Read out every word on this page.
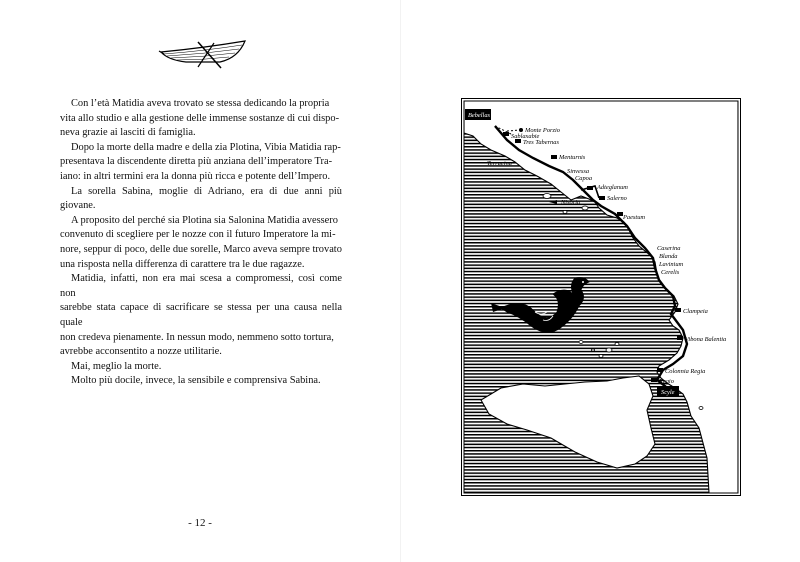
Con l’età Matidia aveva trovato se stessa dedicando la propria
vita allo studio e alla gestione delle immense sostanze di cui dispo-
neva grazie ai lasciti di famiglia.

Dopo la morte della madre e della zia Plotina, Vibia Matidia rap-
presentava la discendente diretta più anziana dell’imperatore Tra-
iano: in altri termini era la donna più ricca e potente dell’Impero.

La sorella Sabina, moglie di Adriano, era di due anni più giovane.

A proposito del perché sia Plotina sia Salonina Matidia avessero
convenuto di scegliere per le nozze con il futuro Imperatore la mi-
nore, seppur di poco, delle due sorelle, Marco aveva sempre trovato
una risposta nella differenza di carattere tra le due ragazze.

Matidia, infatti, non era mai scesa a compromessi, così come non
sarebbe stata capace di sacrificare se stessa per una causa nella quale
non credeva pienamente. In nessun modo, nemmeno sotto tortura,
avrebbe acconsentito a nozze utilitarie.

Mai, meglio la morte.

Molto più docile, invece, la sensibile e comprensiva Sabina.

- 12 -
Bebellas
Scyle
Monte Porzio
Sablaxabie
Tres Tabernas
Terracina
Menturnis
Sinvessa
Capoa
Adteglanum
Nisoria
Salerno
Paestum
Caserina
Blanda
Lavinium
Cerelis
Clampeia
Vibona Balentia
Colonnia Regia
Regio
